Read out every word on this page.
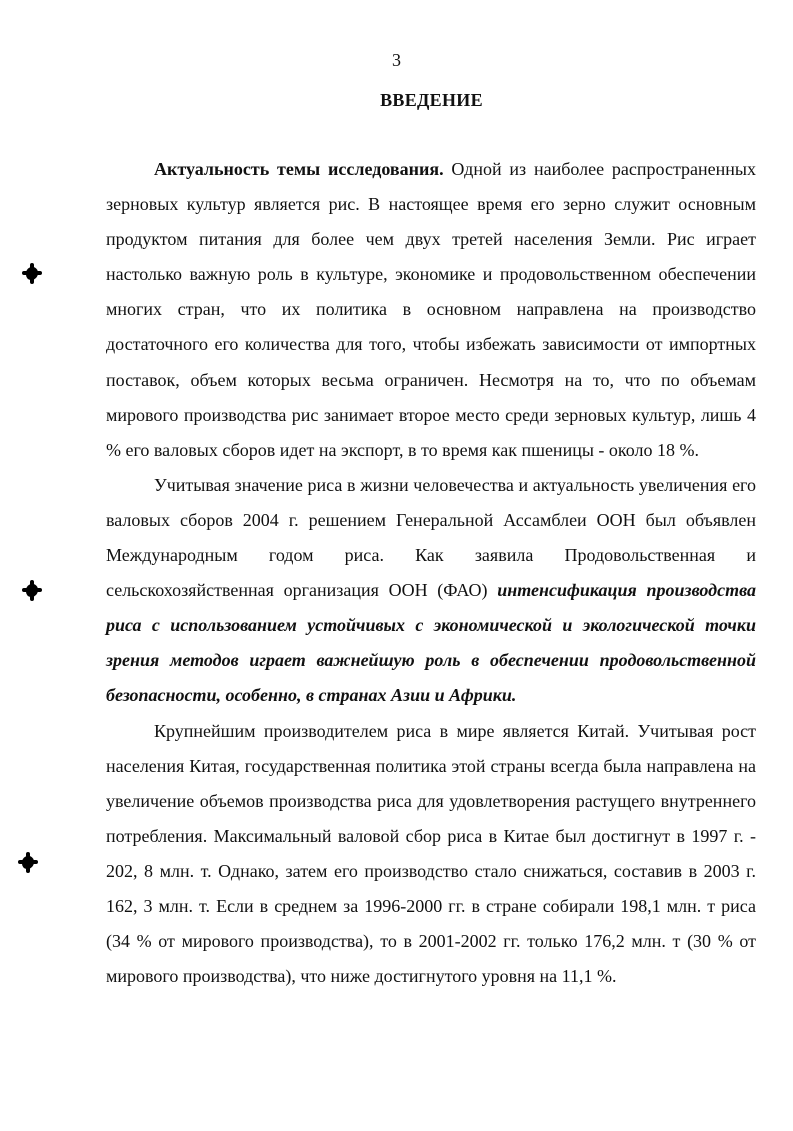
3
ВВЕДЕНИЕ

Актуальность темы исследования. Одной из наиболее распространенных зерновых культур является рис. В настоящее время его зерно служит основным продуктом питания для более чем двух третей населения Земли. Рис играет настолько важную роль в культуре, экономике и продовольственном обеспечении многих стран, что их политика в основном направлена на производство достаточного его количества для того, чтобы избежать зависимости от импортных поставок, объем которых весьма ограничен. Несмотря на то, что по объемам мирового производства рис занимает второе место среди зерновых культур, лишь 4 % его валовых сборов идет на экспорт, в то время как пшеницы - около 18 %.

Учитывая значение риса в жизни человечества и актуальность увеличения его валовых сборов 2004 г. решением Генеральной Ассамблеи ООН был объявлен Международным годом риса. Как заявила Продовольственная и сельскохозяйственная организация ООН (ФАО) интенсификация производства риса с использованием устойчивых с экономической и экологической точки зрения методов играет важнейшую роль в обеспечении продовольственной безопасности, особенно, в странах Азии и Африки.

Крупнейшим производителем риса в мире является Китай. Учитывая рост населения Китая, государственная политика этой страны всегда была направлена на увеличение объемов производства риса для удовлетворения растущего внутреннего потребления. Максимальный валовой сбор риса в Китае был достигнут в 1997 г. - 202, 8 млн. т. Однако, затем его производство стало снижаться, составив в 2003 г. 162, 3 млн. т. Если в среднем за 1996-2000 гг. в стране собирали 198,1 млн. т риса (34 % от мирового производства), то в 2001-2002 гг. только 176,2 млн. т (30 % от мирового производства), что ниже достигнутого уровня на 11,1 %.
